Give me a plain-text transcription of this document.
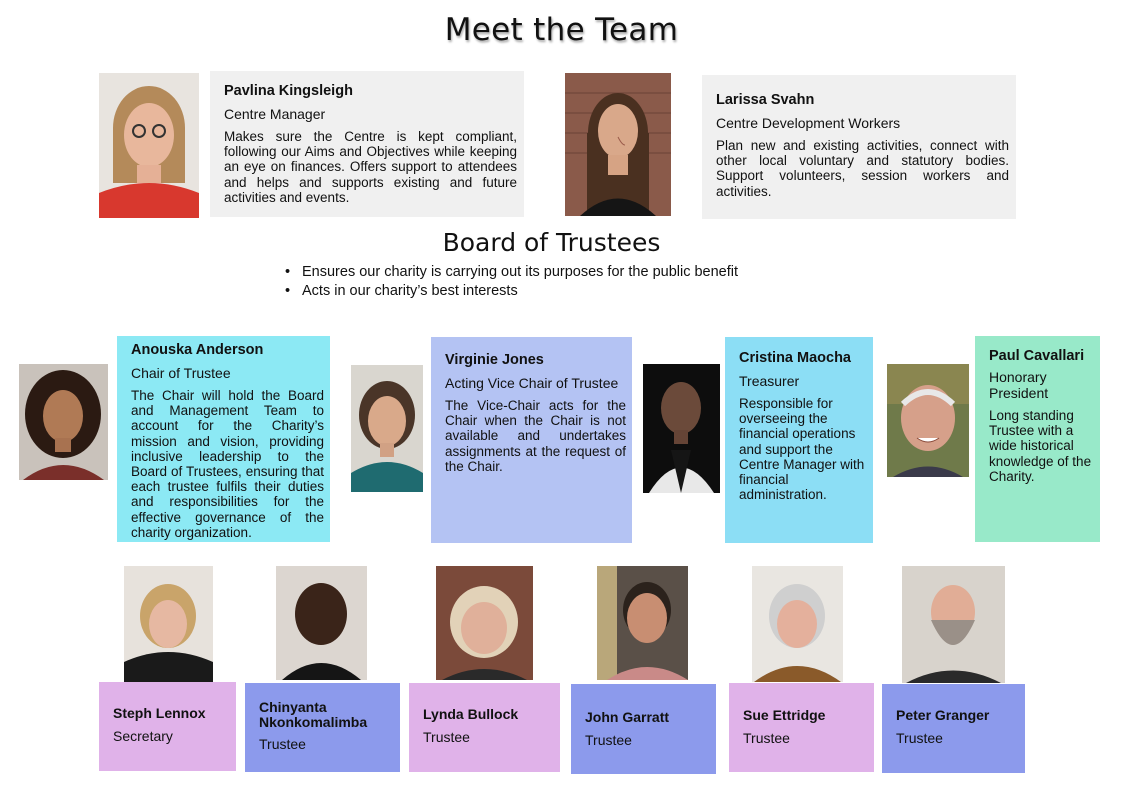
Meet the Team
Pavlina Kingsleigh
Centre Manager
Makes sure the Centre is kept compliant, following our Aims and Objectives while keeping an eye on finances. Offers support to attendees and helps and supports existing and future activities and events.
Larissa Svahn
Centre Development Workers
Plan new and existing activities, connect with other local voluntary and statutory bodies. Support volunteers, session workers and activities.
Board of Trustees
• Ensures our charity is carrying out its purposes for the public benefit
• Acts in our charity’s best interests
Anouska Anderson
Chair of Trustee
The Chair will hold the Board and Management Team to account for the Charity’s mission and vision, providing inclusive leadership to the Board of Trustees, ensuring that each trustee fulfils their duties and responsibilities for the effective governance of the charity organization.
Virginie Jones
Acting Vice Chair of Trustee
The Vice-Chair acts for the Chair when the Chair is not available and undertakes assignments at the request of the Chair.
Cristina Maocha
Treasurer
Responsible for overseeing the financial operations and support the Centre Manager with financial administration.
Paul Cavallari
Honorary President
Long standing Trustee with a wide historical knowledge of the Charity.
Steph Lennox
Secretary
Chinyanta Nkonkomalimba
Trustee
Lynda Bullock
Trustee
John Garratt
Trustee
Sue Ettridge
Trustee
Peter Granger
Trustee
